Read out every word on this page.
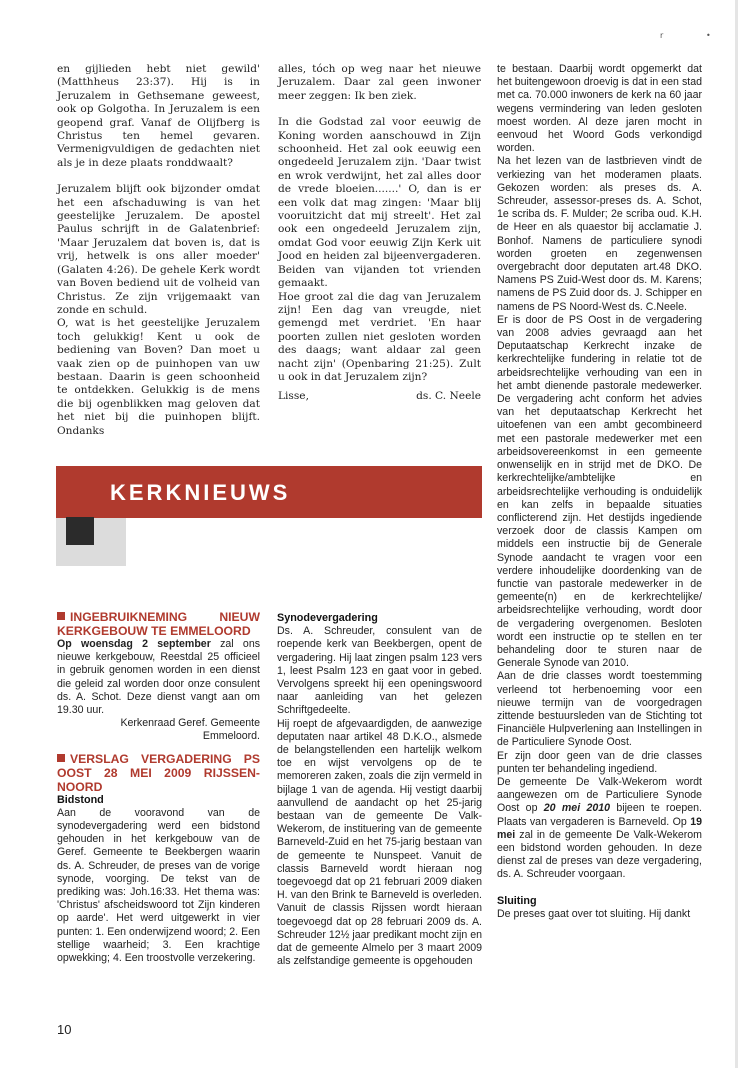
r	•

en gijlieden hebt niet gewild' (Matthheus 23:37). Hij is in Jeruzalem in Gethsemane geweest, ook op Golgotha. In Jeruzalem is een geopend graf. Vanaf de Olijfberg is Christus ten hemel gevaren. Vermenigvuldigen de gedachten niet als je in deze plaats ronddwaalt?

Jeruzalem blijft ook bijzonder omdat het een afschaduwing is van het geestelijke Jeruzalem. De apostel Paulus schrijft in de Galatenbrief: 'Maar Jeruzalem dat boven is, dat is vrij, hetwelk is ons aller moeder' (Galaten 4:26). De gehele Kerk wordt van Boven bediend uit de volheid van Christus. Ze zijn vrijgemaakt van zonde en schuld.
O, wat is het geestelijke Jeruzalem toch gelukkig! Kent u ook de bediening van Boven? Dan moet u vaak zien op de puinhopen van uw bestaan. Daarin is geen schoonheid te ontdekken. Gelukkig is de mens die bij ogenblikken mag geloven dat het niet bij die puinhopen blijft. Ondanks

alles, tóch op weg naar het nieuwe Jeruzalem. Daar zal geen inwoner meer zeggen: Ik ben ziek.

In die Godstad zal voor eeuwig de Koning worden aanschouwd in Zijn schoonheid. Het zal ook eeuwig een ongedeeld Jeruzalem zijn. 'Daar twist en wrok verdwijnt, het zal alles door de vrede bloeien.......' O, dan is er een volk dat mag zingen: 'Maar blij vooruitzicht dat mij streelt'. Het zal ook een ongedeeld Jeruzalem zijn, omdat God voor eeuwig Zijn Kerk uit Jood en heiden zal bijeenvergaderen. Beiden van vijanden tot vrienden gemaakt.
Hoe groot zal die dag van Jeruzalem zijn! Een dag van vreugde, niet gemengd met verdriet. 'En haar poorten zullen niet gesloten worden des daags; want aldaar zal geen nacht zijn' (Openbaring 21:25). Zult u ook in dat Jeruzalem zijn?

Lisse,	ds. C. Neele
KERKNIEUWS
INGEBRUIKNEMING NIEUW KERKGEBOUW TE EMMELOORD

Op woensdag 2 september zal ons nieuwe kerkgebouw, Reestdal 25 officieel in gebruik genomen worden in een dienst die geleid zal worden door onze consulent ds. A. Schot. Deze dienst vangt aan om 19.30 uur.

Kerkenraad Geref. Gemeente
Emmeloord.

VERSLAG VERGADERING PS OOST 28 MEI 2009 RIJSSEN-NOORD
Bidstond

Aan de vooravond van de synodevergadering werd een bidstond gehouden in het kerkgebouw van de Geref. Gemeente te Beekbergen waarin ds. A. Schreuder, de preses van de vorige synode, voorging. De tekst van de prediking was: Joh.16:33. Het thema was: 'Christus' afscheidswoord tot Zijn kinderen op aarde'. Het werd uitgewerkt in vier punten: 1. Een onderwijzend woord; 2. Een stellige waarheid; 3. Een krachtige opwekking; 4. Een troostvolle verzekering.

Synodevergadering

Ds. A. Schreuder, consulent van de roepende kerk van Beekbergen, opent de vergadering. Hij laat zingen psalm 123 vers 1, leest Psalm 123 en gaat voor in gebed. Vervolgens spreekt hij een openingswoord naar aanleiding van het gelezen Schriftgedeelte.

Hij roept de afgevaardigden, de aanwezige deputaten naar artikel 48 D.K.O., alsmede de belangstellenden een hartelijk welkom toe en wijst vervolgens op de te memoreren zaken, zoals die zijn vermeld in bijlage 1 van de agenda. Hij vestigt daarbij aanvullend de aandacht op het 25-jarig bestaan van de gemeente De Valk-Wekerom, de instituering van de gemeente Barneveld-Zuid en het 75-jarig bestaan van de gemeente te Nunspeet. Vanuit de classis Barneveld wordt hieraan nog toegevoegd dat op 21 februari 2009 diaken H. van den Brink te Barneveld is overleden. Vanuit de classis Rijssen wordt hieraan toegevoegd dat op 28 februari 2009 ds. A. Schreuder 12½ jaar predikant mocht zijn en dat de gemeente Almelo per 3 maart 2009 als zelfstandige gemeente is opgehouden

te bestaan. Daarbij wordt opgemerkt dat het buitengewoon droevig is dat in een stad met ca. 70.000 inwoners de kerk na 60 jaar wegens vermindering van leden gesloten moest worden. Al deze jaren mocht in eenvoud het Woord Gods verkondigd worden.

Na het lezen van de lastbrieven vindt de verkiezing van het moderamen plaats. Gekozen worden: als preses ds. A. Schreuder, assessor-preses ds. A. Schot, 1e scriba ds. F. Mulder; 2e scriba oud. K.H. de Heer en als quaestor bij acclamatie J. Bonhof. Namens de particuliere synodi worden groeten en zegenwensen overgebracht door deputaten art.48 DKO. Namens PS Zuid-West door ds. M. Karens; namens de PS Zuid door ds. J. Schipper en namens de PS Noord-West ds. C.Neele.

Er is door de PS Oost in de vergadering van 2008 advies gevraagd aan het Deputaatschap Kerkrecht inzake de kerkrechtelijke fundering in relatie tot de arbeidsrechtelijke verhouding van een in het ambt dienende pastorale medewerker. De vergadering acht conform het advies van het deputaatschap Kerkrecht het uitoefenen van een ambt gecombineerd met een pastorale medewerker met een arbeidsovereenkomst in een gemeente onwenselijk en in strijd met de DKO. De kerkrechtelijke/ambtelijke en arbeidsrechtelijke verhouding is onduidelijk en kan zelfs in bepaalde situaties conflicterend zijn. Het destijds ingediende verzoek door de classis Kampen om middels een instructie bij de Generale Synode aandacht te vragen voor een verdere inhoudelijke doordenking van de functie van pastorale medewerker in de gemeente(n) en de kerkrechtelijke/ arbeidsrechtelijke verhouding, wordt door de vergadering overgenomen. Besloten wordt een instructie op te stellen en ter behandeling door te sturen naar de Generale Synode van 2010.

Aan de drie classes wordt toestemming verleend tot herbenoeming voor een nieuwe termijn van de voorgedragen zittende bestuursleden van de Stichting tot Financiële Hulpverlening aan Instellingen in de Particuliere Synode Oost.

Er zijn door geen van de drie classes punten ter behandeling ingediend.

De gemeente De Valk-Wekerom wordt aangewezen om de Particuliere Synode Oost op 20 mei 2010 bijeen te roepen. Plaats van vergaderen is Barneveld. Op 19 mei zal in de gemeente De Valk-Wekerom een bidstond worden gehouden. In deze dienst zal de preses van deze vergadering, ds. A. Schreuder voorgaan.

Sluiting

De preses gaat over tot sluiting. Hij dankt

10
